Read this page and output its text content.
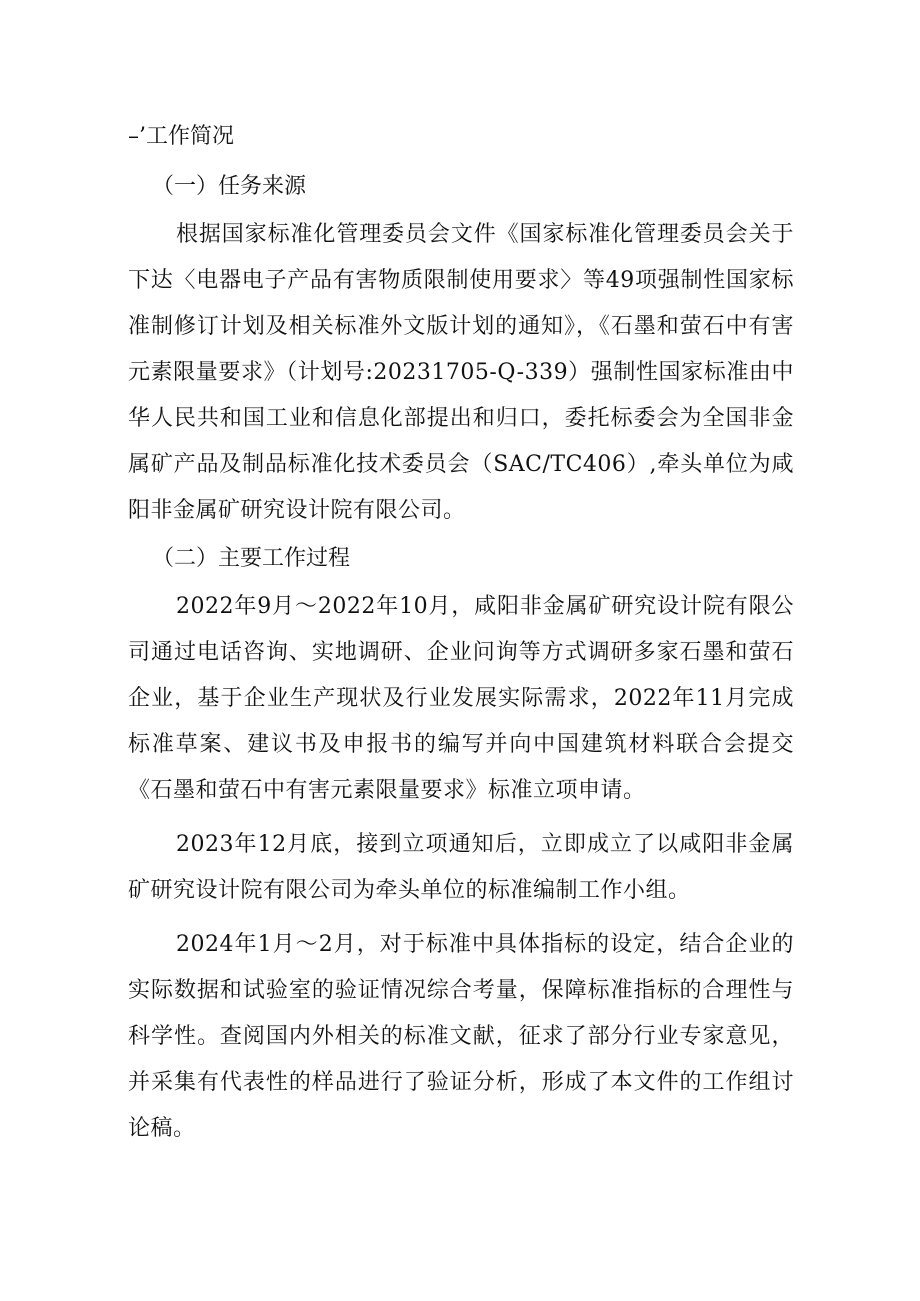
–’工作简况

（一）任务来源

根据国家标准化管理委员会文件《国家标准化管理委员会关于下达〈电器电子产品有害物质限制使用要求〉等49项强制性国家标准制修订计划及相关标准外文版计划的通知》，《石墨和萤石中有害元素限量要求》（计划号:20231705-Q-339）强制性国家标准由中华人民共和国工业和信息化部提出和归口，委托标委会为全国非金属矿产品及制品标准化技术委员会（SAC/TC406）,牵头单位为咸阳非金属矿研究设计院有限公司。

（二）主要工作过程

2022年9月～2022年10月，咸阳非金属矿研究设计院有限公司通过电话咨询、实地调研、企业问询等方式调研多家石墨和萤石企业，基于企业生产现状及行业发展实际需求，2022年11月完成标准草案、建议书及申报书的编写并向中国建筑材料联合会提交《石墨和萤石中有害元素限量要求》标准立项申请。

2023年12月底，接到立项通知后，立即成立了以咸阳非金属矿研究设计院有限公司为牵头单位的标准编制工作小组。

2024年1月～2月，对于标准中具体指标的设定，结合企业的实际数据和试验室的验证情况综合考量，保障标准指标的合理性与科学性。查阅国内外相关的标准文献，征求了部分行业专家意见，并采集有代表性的样品进行了验证分析，形成了本文件的工作组讨论稿。
